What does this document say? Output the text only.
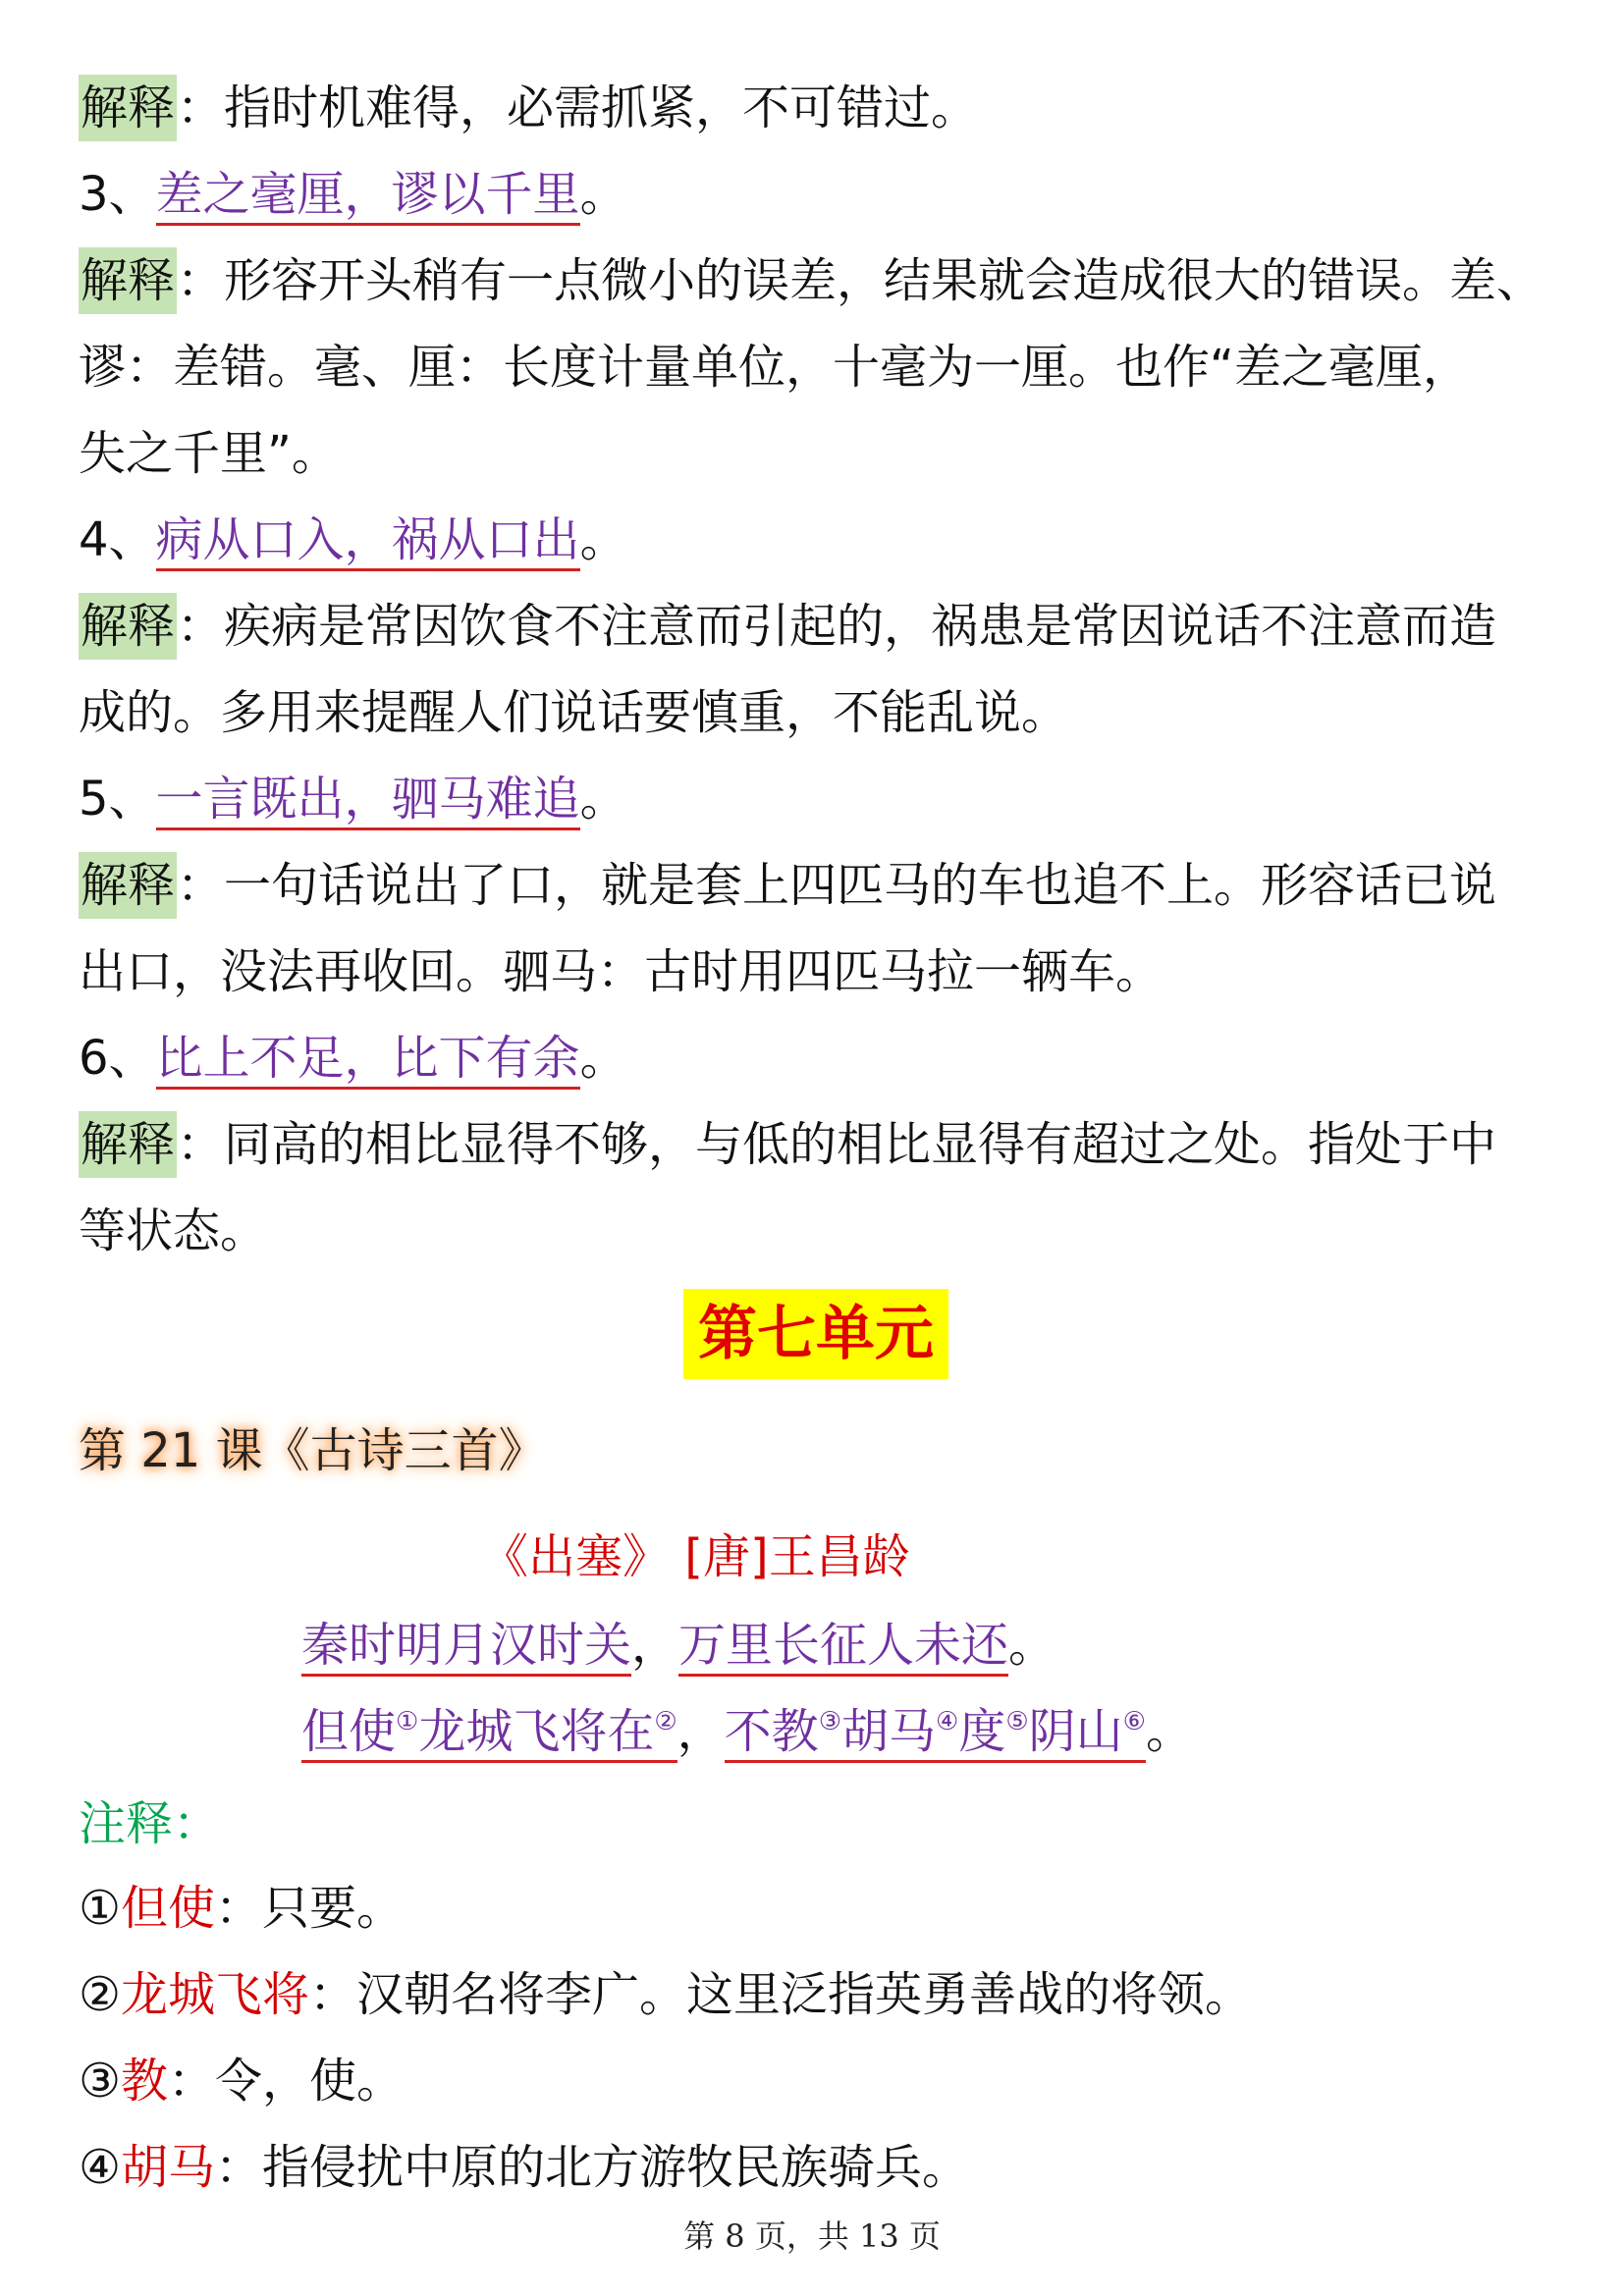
解释：指时机难得，必需抓紧，不可错过。
3、差之毫厘，谬以千里。
解释：形容开头稍有一点微小的误差，结果就会造成很大的错误。差、
谬：差错。毫、厘：长度计量单位，十毫为一厘。也作“差之毫厘，
失之千里”。
4、病从口入，祸从口出。
解释：疾病是常因饮食不注意而引起的，祸患是常因说话不注意而造
成的。多用来提醒人们说话要慎重，不能乱说。
5、一言既出，驷马难追。
解释：一句话说出了口，就是套上四匹马的车也追不上。形容话已说
出口，没法再收回。驷马：古时用四匹马拉一辆车。
6、比上不足，比下有余。
解释：同高的相比显得不够，与低的相比显得有超过之处。指处于中
等状态。
第七单元
第 21 课《古诗三首》
《出塞》 [唐]王昌龄
秦时明月汉时关，万里长征人未还。
但使①龙城飞将在②，不教③胡马④度⑤阴山⑥。
注释：
①但使：只要。
②龙城飞将：汉朝名将李广。这里泛指英勇善战的将领。
③教：令，使。
④胡马：指侵扰中原的北方游牧民族骑兵。
第 8 页，共 13 页
